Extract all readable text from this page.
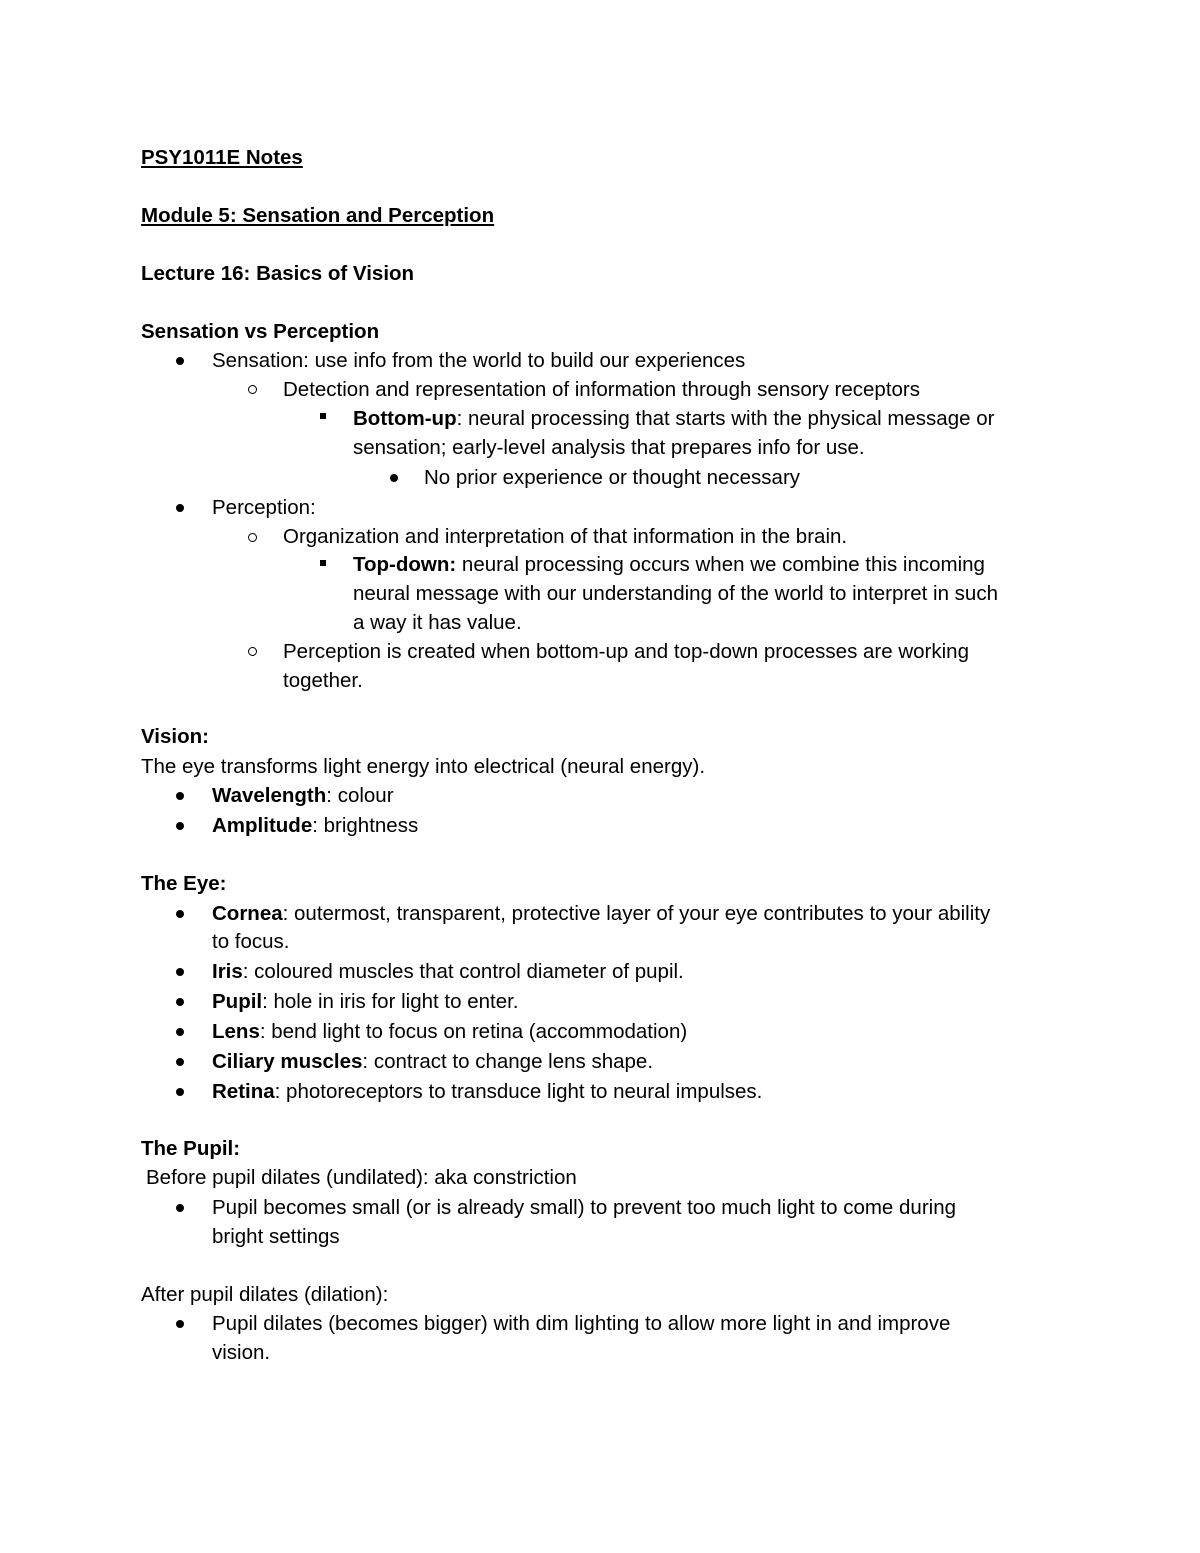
PSY1011E Notes
Module 5: Sensation and Perception
Lecture 16: Basics of Vision
Sensation vs Perception
Sensation: use info from the world to build our experiences
Detection and representation of information through sensory receptors
Bottom-up: neural processing that starts with the physical message or
sensation; early-level analysis that prepares info for use.
No prior experience or thought necessary
Perception:
Organization and interpretation of that information in the brain.
Top-down: neural processing occurs when we combine this incoming
neural message with our understanding of the world to interpret in such
a way it has value.
Perception is created when bottom-up and top-down processes are working
together.
Vision:
The eye transforms light energy into electrical (neural energy).
Wavelength: colour
Amplitude: brightness
The Eye:
Cornea: outermost, transparent, protective layer of your eye contributes to your ability
to focus.
Iris: coloured muscles that control diameter of pupil.
Pupil: hole in iris for light to enter.
Lens: bend light to focus on retina (accommodation)
Ciliary muscles: contract to change lens shape.
Retina: photoreceptors to transduce light to neural impulses.
The Pupil:
Before pupil dilates (undilated): aka constriction
Pupil becomes small (or is already small) to prevent too much light to come during
bright settings
After pupil dilates (dilation):
Pupil dilates (becomes bigger) with dim lighting to allow more light in and improve
vision.
